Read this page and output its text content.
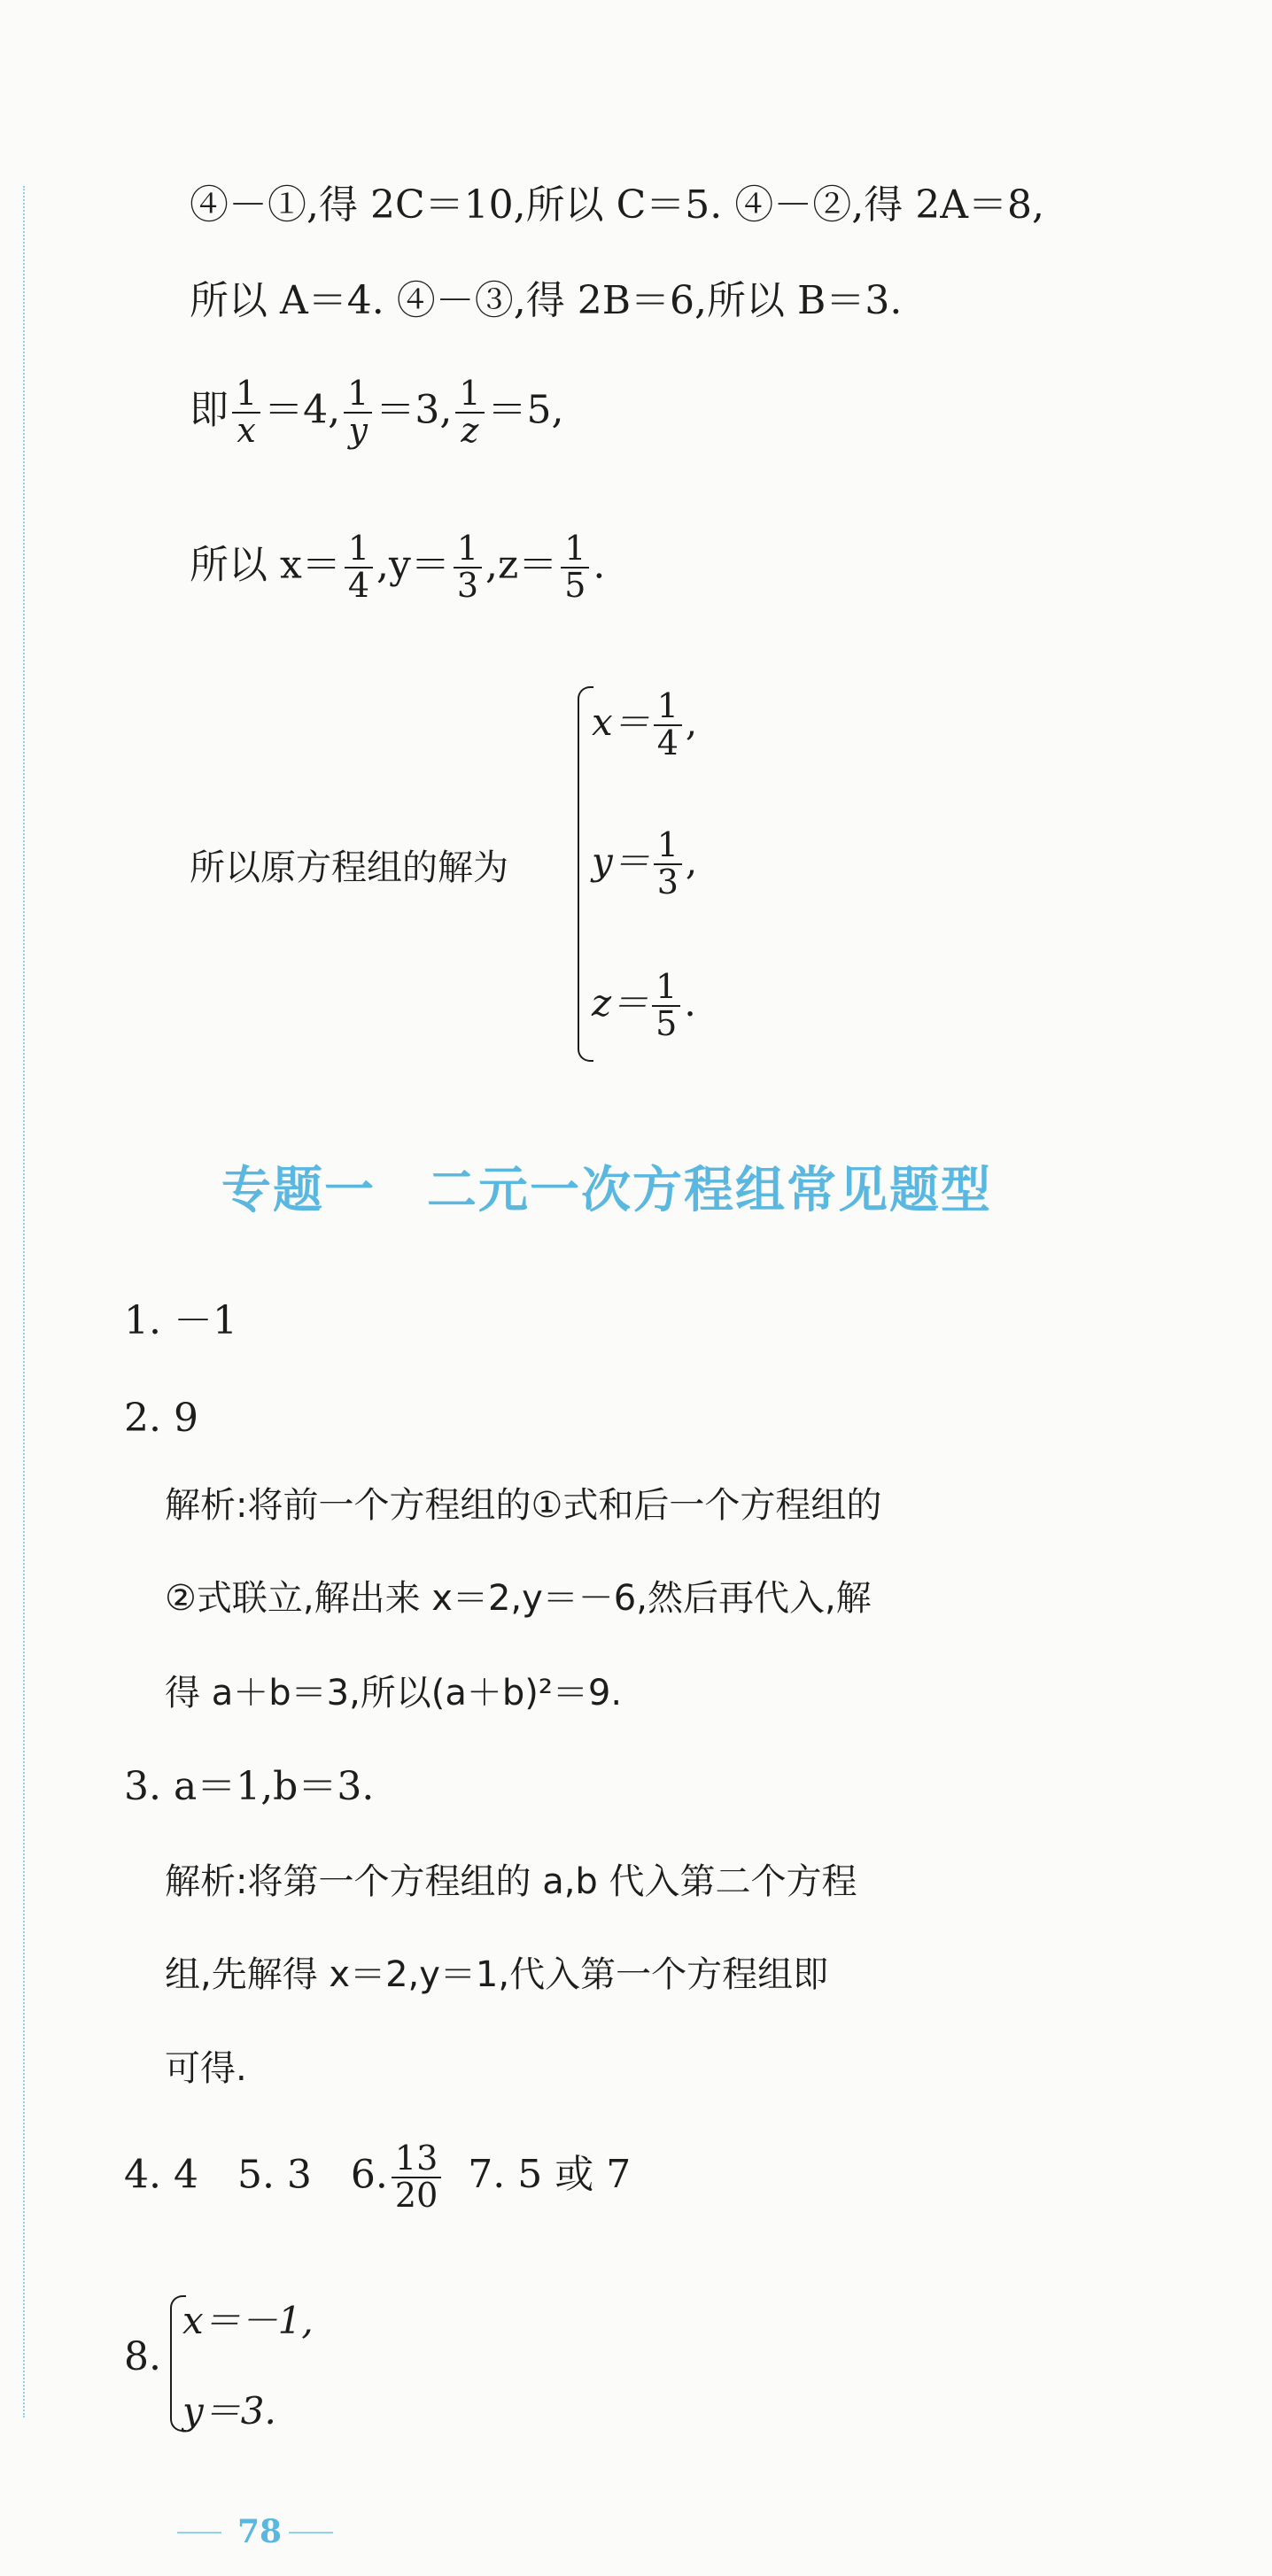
④－①,得 2C＝10,所以 C＝5. ④－②,得 2A＝8,
所以 A＝4. ④－③,得 2B＝6,所以 B＝3.
即 $\frac{1}{x} =4$, $\frac{1}{y} =3$, $\frac{1}{z} =5$,
所以 $x= \frac{1}{4} ,y= \frac{1}{3} ,z= \frac{1}{5}$ .
所以原方程组的解为
$x= \frac{1}{4}$ ,
$y= \frac{1}{3}$ ,
$z= \frac{1}{5}$ .
专题一　二元一次方程组常见题型
1. －1
2. 9
解析:将前一个方程组的①式和后一个方程组的
②式联立,解出来 x＝2,y＝－6,然后再代入,解
得 a＋b＝3,所以(a＋b)²＝9.
3. a＝1,b＝3.
解析:将第一个方程组的 a,b 代入第二个方程
组,先解得 x＝2,y＝1,代入第一个方程组即
可得.
4. 4　5. 3　6. $\frac{13}{20} 7$. 5 或 7
8.
x＝－1,
y＝3.
78
